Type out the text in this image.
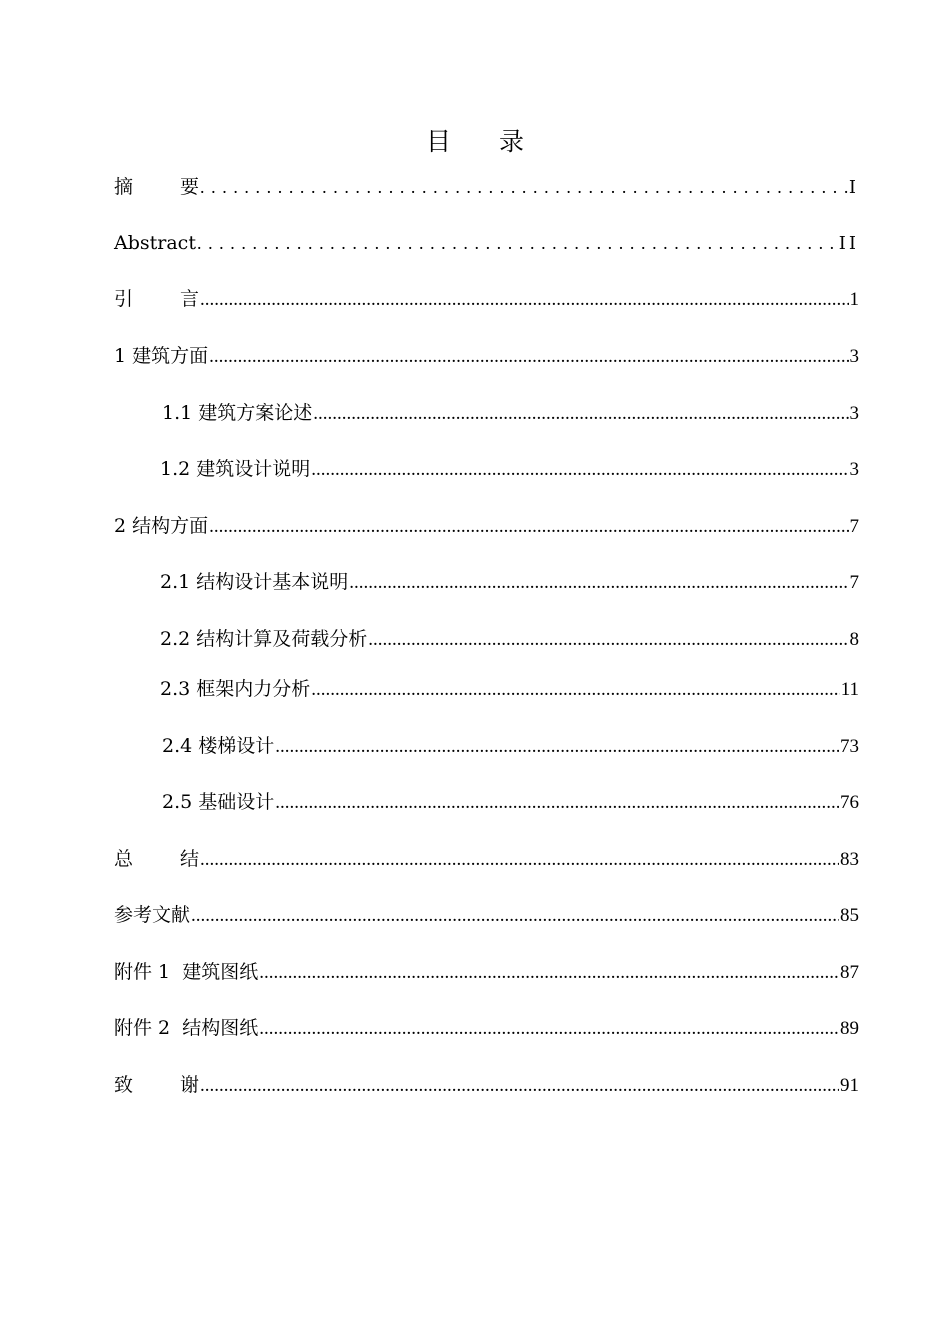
目 录
摘 要 .....	I
Abstract .....	II
引 言 .....	1
1 建筑方面 .....	3
1.1 建筑方案论述 .....	3
1.2 建筑设计说明 .....	3
2 结构方面 .....	7
2.1 结构设计基本说明 .....	7
2.2 结构计算及荷载分析 .....	8
2.3 框架内力分析 .....	11
2.4 楼梯设计 .....	73
2.5 基础设计 .....	76
总 结 .....	83
参考文献 .....	85
附件 1  建筑图纸 .....	87
附件 2  结构图纸 .....	89
致 谢 .....	91
